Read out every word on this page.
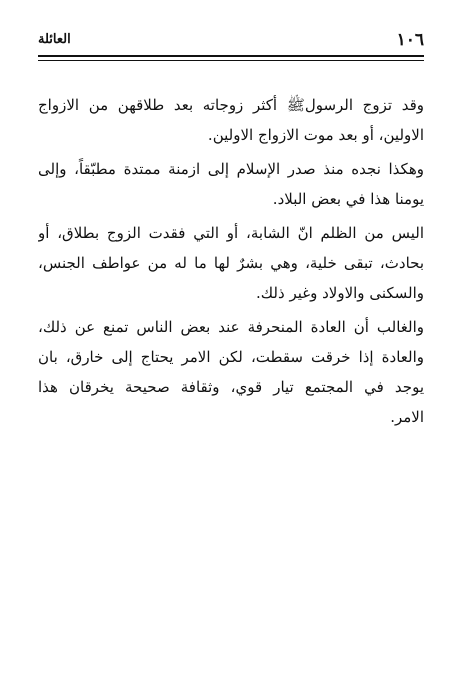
١٠٦
العائلة
وقد تزوج الرسولﷺ أكثر زوجاته بعد طلاقهن من الازواج
الاولين، أو بعد موت الازواج الاولين.
وهكذا نجده منذ صدر الإسلام إلى ازمنة ممتدة مطبّقاً، وإلى
يومنا هذا في بعض البلاد.
اليس من الظلم انّ الشابة، أو التي فقدت الزوج بطلاق، أو
بحادث، تبقى خلية، وهي بشرٌ لها ما له من عواطف الجنس،
والسكنى والاولاد وغير ذلك.
والغالب أن العادة المنحرفة عند بعض الناس تمنع عن ذلك،
والعادة إذا خرقت سقطت، لكن الامر يحتاج إلى خارق، بان
يوجد في المجتمع تيار قوي، وثقافة صحيحة يخرقان هذا
الامر.
